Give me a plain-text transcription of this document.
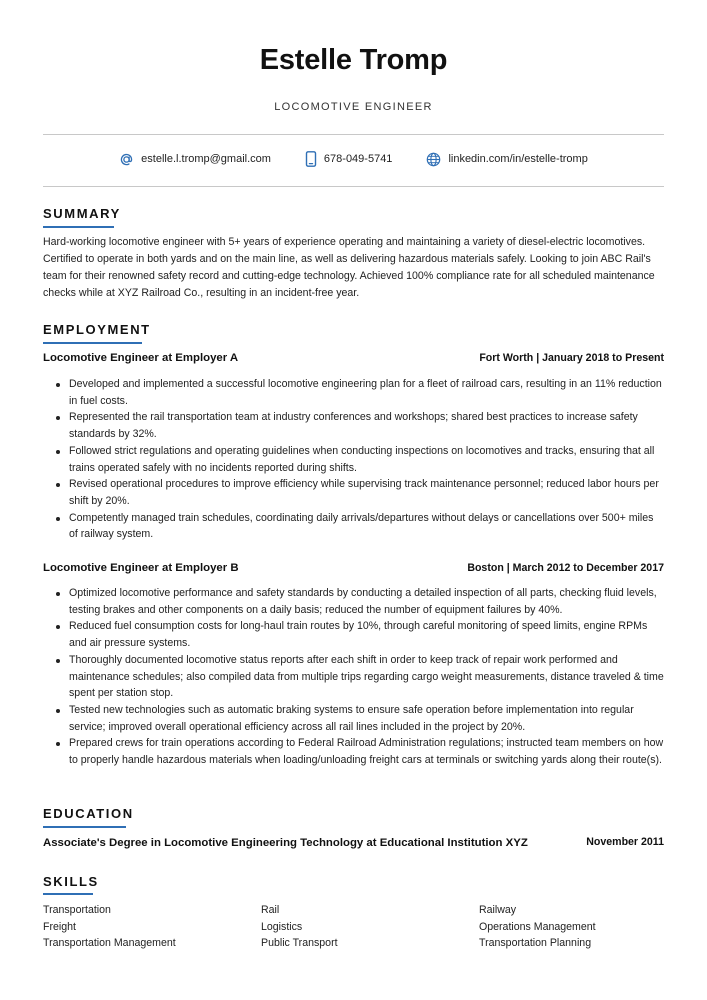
Estelle Tromp
LOCOMOTIVE ENGINEER
estelle.l.tromp@gmail.com	678-049-5741	linkedin.com/in/estelle-tromp
SUMMARY
Hard-working locomotive engineer with 5+ years of experience operating and maintaining a variety of diesel-electric locomotives. Certified to operate in both yards and on the main line, as well as delivering hazardous materials safely. Looking to join ABC Rail's team for their renowned safety record and cutting-edge technology. Achieved 100% compliance rate for all scheduled maintenance checks while at XYZ Railroad Co., resulting in an incident-free year.
EMPLOYMENT
Locomotive Engineer at Employer A	Fort Worth | January 2018 to Present
Developed and implemented a successful locomotive engineering plan for a fleet of railroad cars, resulting in an 11% reduction in fuel costs.
Represented the rail transportation team at industry conferences and workshops; shared best practices to increase safety standards by 32%.
Followed strict regulations and operating guidelines when conducting inspections on locomotives and tracks, ensuring that all trains operated safely with no incidents reported during shifts.
Revised operational procedures to improve efficiency while supervising track maintenance personnel; reduced labor hours per shift by 20%.
Competently managed train schedules, coordinating daily arrivals/departures without delays or cancellations over 500+ miles of railway system.
Locomotive Engineer at Employer B	Boston | March 2012 to December 2017
Optimized locomotive performance and safety standards by conducting a detailed inspection of all parts, checking fluid levels, testing brakes and other components on a daily basis; reduced the number of equipment failures by 40%.
Reduced fuel consumption costs for long-haul train routes by 10%, through careful monitoring of speed limits, engine RPMs and air pressure systems.
Thoroughly documented locomotive status reports after each shift in order to keep track of repair work performed and maintenance schedules; also compiled data from multiple trips regarding cargo weight measurements, distance traveled & time spent per station stop.
Tested new technologies such as automatic braking systems to ensure safe operation before implementation into regular service; improved overall operational efficiency across all rail lines included in the project by 20%.
Prepared crews for train operations according to Federal Railroad Administration regulations; instructed team members on how to properly handle hazardous materials when loading/unloading freight cars at terminals or switching yards along their route(s).
EDUCATION
Associate's Degree in Locomotive Engineering Technology at Educational Institution XYZ	November 2011
SKILLS
Transportation	Rail	Railway
Freight	Logistics	Operations Management
Transportation Management	Public Transport	Transportation Planning
